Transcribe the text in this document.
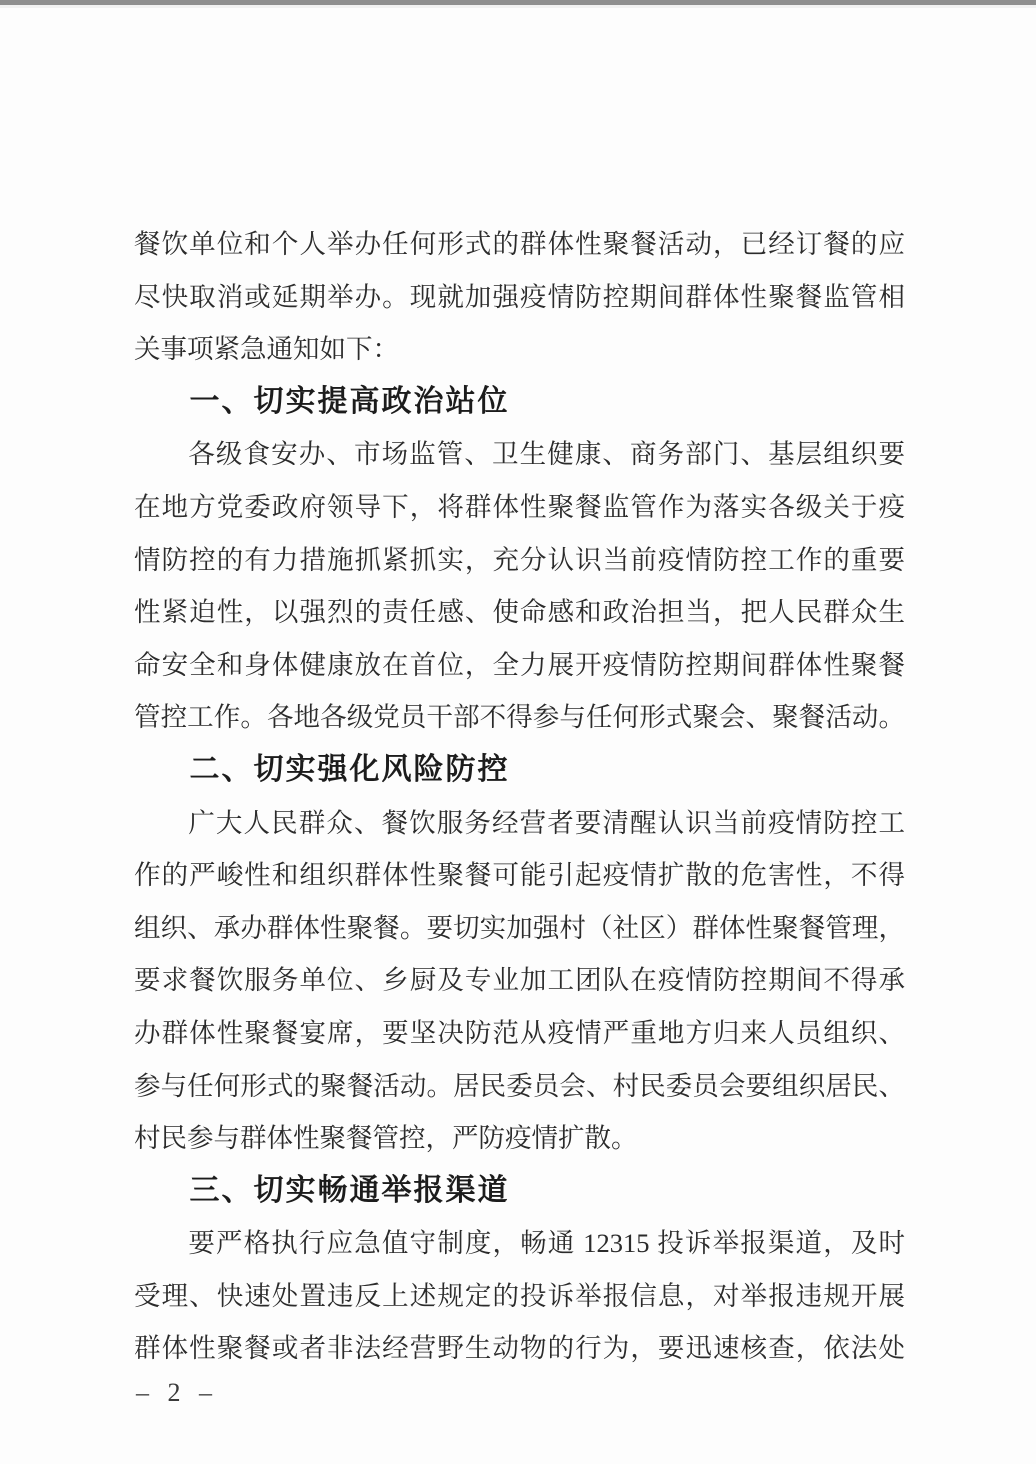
餐饮单位和个人举办任何形式的群体性聚餐活动，已经订餐的应
尽快取消或延期举办。现就加强疫情防控期间群体性聚餐监管相
关事项紧急通知如下：
一、切实提高政治站位
各级食安办、市场监管、卫生健康、商务部门、基层组织要
在地方党委政府领导下，将群体性聚餐监管作为落实各级关于疫
情防控的有力措施抓紧抓实，充分认识当前疫情防控工作的重要
性紧迫性，以强烈的责任感、使命感和政治担当，把人民群众生
命安全和身体健康放在首位，全力展开疫情防控期间群体性聚餐
管控工作。各地各级党员干部不得参与任何形式聚会、聚餐活动。
二、切实强化风险防控
广大人民群众、餐饮服务经营者要清醒认识当前疫情防控工
作的严峻性和组织群体性聚餐可能引起疫情扩散的危害性，不得
组织、承办群体性聚餐。要切实加强村（社区）群体性聚餐管理，
要求餐饮服务单位、乡厨及专业加工团队在疫情防控期间不得承
办群体性聚餐宴席，要坚决防范从疫情严重地方归来人员组织、
参与任何形式的聚餐活动。居民委员会、村民委员会要组织居民、
村民参与群体性聚餐管控，严防疫情扩散。
三、切实畅通举报渠道
要严格执行应急值守制度，畅通 12315 投诉举报渠道，及时
受理、快速处置违反上述规定的投诉举报信息，对举报违规开展
群体性聚餐或者非法经营野生动物的行为，要迅速核查，依法处
– 2 –
